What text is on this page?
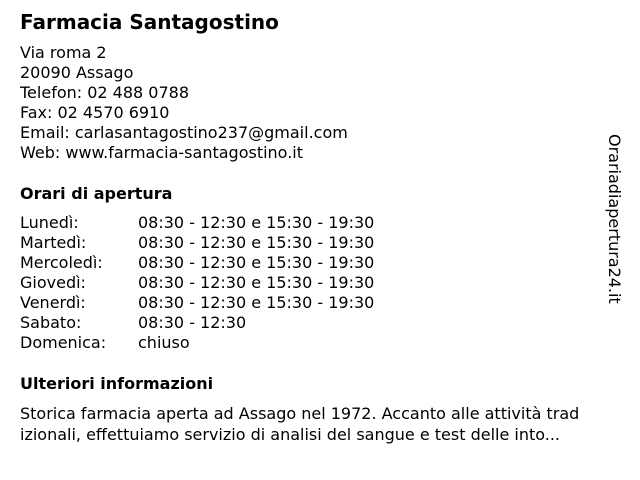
Farmacia Santagostino
Via roma 2
20090 Assago
Telefon: 02 488 0788
Fax: 02 4570 6910
Email: carlasantagostino237@gmail.com
Web: www.farmacia-santagostino.it
Orari di apertura
Lunedì:	08:30 - 12:30 e 15:30 - 19:30
Martedì:	08:30 - 12:30 e 15:30 - 19:30
Mercoledì: 08:30 - 12:30 e 15:30 - 19:30
Giovedì:	08:30 - 12:30 e 15:30 - 19:30
Venerdì:	08:30 - 12:30 e 15:30 - 19:30
Sabato:	08:30 - 12:30
Domenica: chiuso
Ulteriori informazioni
Storica farmacia aperta ad Assago nel 1972. Accanto alle attività trad
izionali, effettuiamo servizio di analisi del sangue e test delle into...
Orariadiapertura24.it
